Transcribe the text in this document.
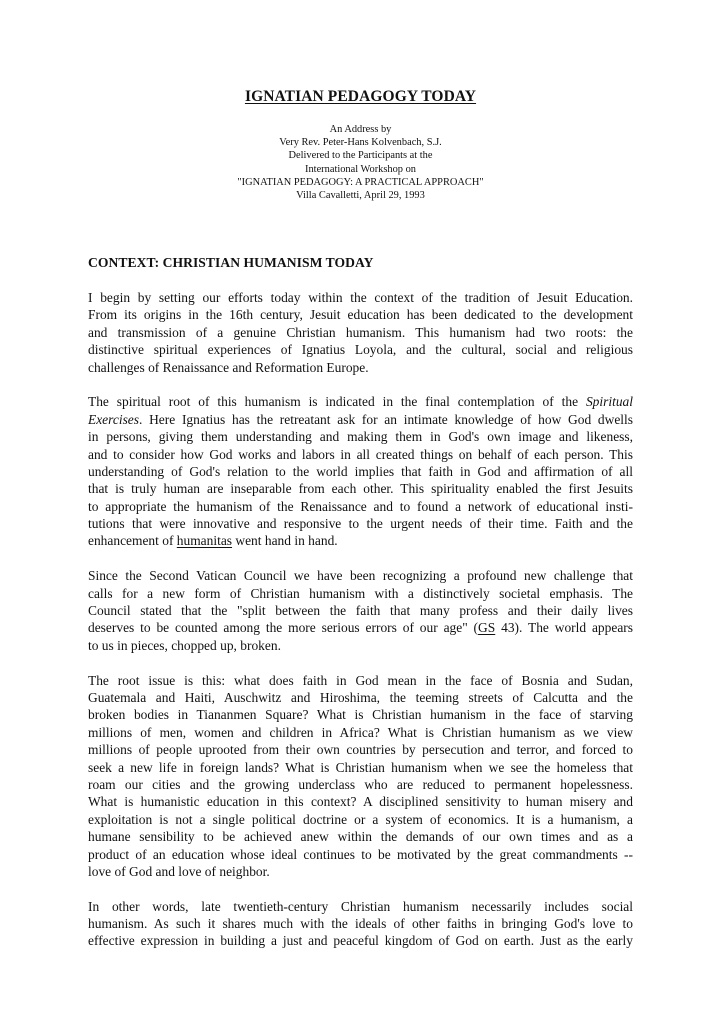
IGNATIAN PEDAGOGY TODAY
An Address by
Very Rev. Peter-Hans Kolvenbach, S.J.
Delivered to the Participants at the
International Workshop on
"IGNATIAN PEDAGOGY: A PRACTICAL APPROACH"
Villa Cavalletti, April 29, 1993
CONTEXT: CHRISTIAN HUMANISM TODAY
I begin by setting our efforts today within the context of the tradition of Jesuit Education.
From its origins in the 16th century, Jesuit education has been dedicated to the development
and transmission of a genuine Christian humanism. This humanism had two roots: the
distinctive spiritual experiences of Ignatius Loyola, and the cultural, social and religious
challenges of Renaissance and Reformation Europe.
The spiritual root of this humanism is indicated in the final contemplation of the Spiritual
Exercises. Here Ignatius has the retreatant ask for an intimate knowledge of how God dwells
in persons, giving them understanding and making them in God's own image and likeness,
and to consider how God works and labors in all created things on behalf of each person. This
understanding of God's relation to the world implies that faith in God and affirmation of all
that is truly human are inseparable from each other. This spirituality enabled the first Jesuits
to appropriate the humanism of the Renaissance and to found a network of educational insti-
tutions that were innovative and responsive to the urgent needs of their time. Faith and the
enhancement of humanitas went hand in hand.
Since the Second Vatican Council we have been recognizing a profound new challenge that
calls for a new form of Christian humanism with a distinctively societal emphasis. The
Council stated that the "split between the faith that many profess and their daily lives
deserves to be counted among the more serious errors of our age" (GS 43). The world appears
to us in pieces, chopped up, broken.
The root issue is this: what does faith in God mean in the face of Bosnia and Sudan,
Guatemala and Haiti, Auschwitz and Hiroshima, the teeming streets of Calcutta and the
broken bodies in Tiananmen Square? What is Christian humanism in the face of starving
millions of men, women and children in Africa? What is Christian humanism as we view
millions of people uprooted from their own countries by persecution and terror, and forced to
seek a new life in foreign lands? What is Christian humanism when we see the homeless that
roam our cities and the growing underclass who are reduced to permanent hopelessness.
What is humanistic education in this context? A disciplined sensitivity to human misery and
exploitation is not a single political doctrine or a system of economics. It is a humanism, a
humane sensibility to be achieved anew within the demands of our own times and as a
product of an education whose ideal continues to be motivated by the great commandments --
love of God and love of neighbor.
In other words, late twentieth-century Christian humanism necessarily includes social
humanism. As such it shares much with the ideals of other faiths in bringing God's love to
effective expression in building a just and peaceful kingdom of God on earth. Just as the early
